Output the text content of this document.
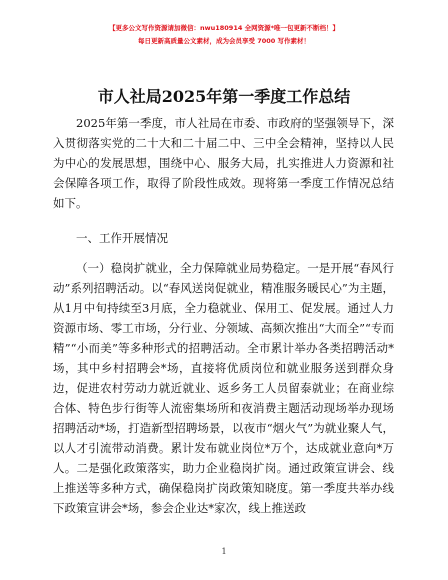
【更多公文写作资源请加微信：nwu180914 全网资源*唯一包更新不断档！】
每日更新高质量公文素材，成为会员享受 7000 写作素材！
市人社局2025年第一季度工作总结

2025年第一季度，市人社局在市委、市政府的坚强领导下，深入贯彻落实党的二十大和二十届二中、三中全会精神，坚持以人民为中心的发展思想，围绕中心、服务大局，扎实推进人力资源和社会保障各项工作，取得了阶段性成效。现将第一季度工作情况总结如下。

一、工作开展情况

（一）稳岗扩就业，全力保障就业局势稳定。一是开展“春风行动”系列招聘活动。以“春风送岗促就业，精准服务暖民心”为主题，从1月中旬持续至3月底，全力稳就业、保用工、促发展。通过人力资源市场、零工市场，分行业、分领域、高频次推出“大而全”“专而精”“小而美”等多种形式的招聘活动。全市累计举办各类招聘活动*场，其中乡村招聘会*场，直接将优质岗位和就业服务送到群众身边，促进农村劳动力就近就业、返乡务工人员留泰就业；在商业综合体、特色步行街等人流密集场所和夜消费主题活动现场举办现场招聘活动*场，打造新型招聘场景，以夜市“烟火气”为就业聚人气，以人才引流带动消费。累计发布就业岗位*万个，达成就业意向*万人。二是强化政策落实，助力企业稳岗扩岗。通过政策宣讲会、线上推送等多种方式，确保稳岗扩岗政策知晓度。第一季度共举办线下政策宣讲会*场，参会企业达*家次，线上推送政

1
